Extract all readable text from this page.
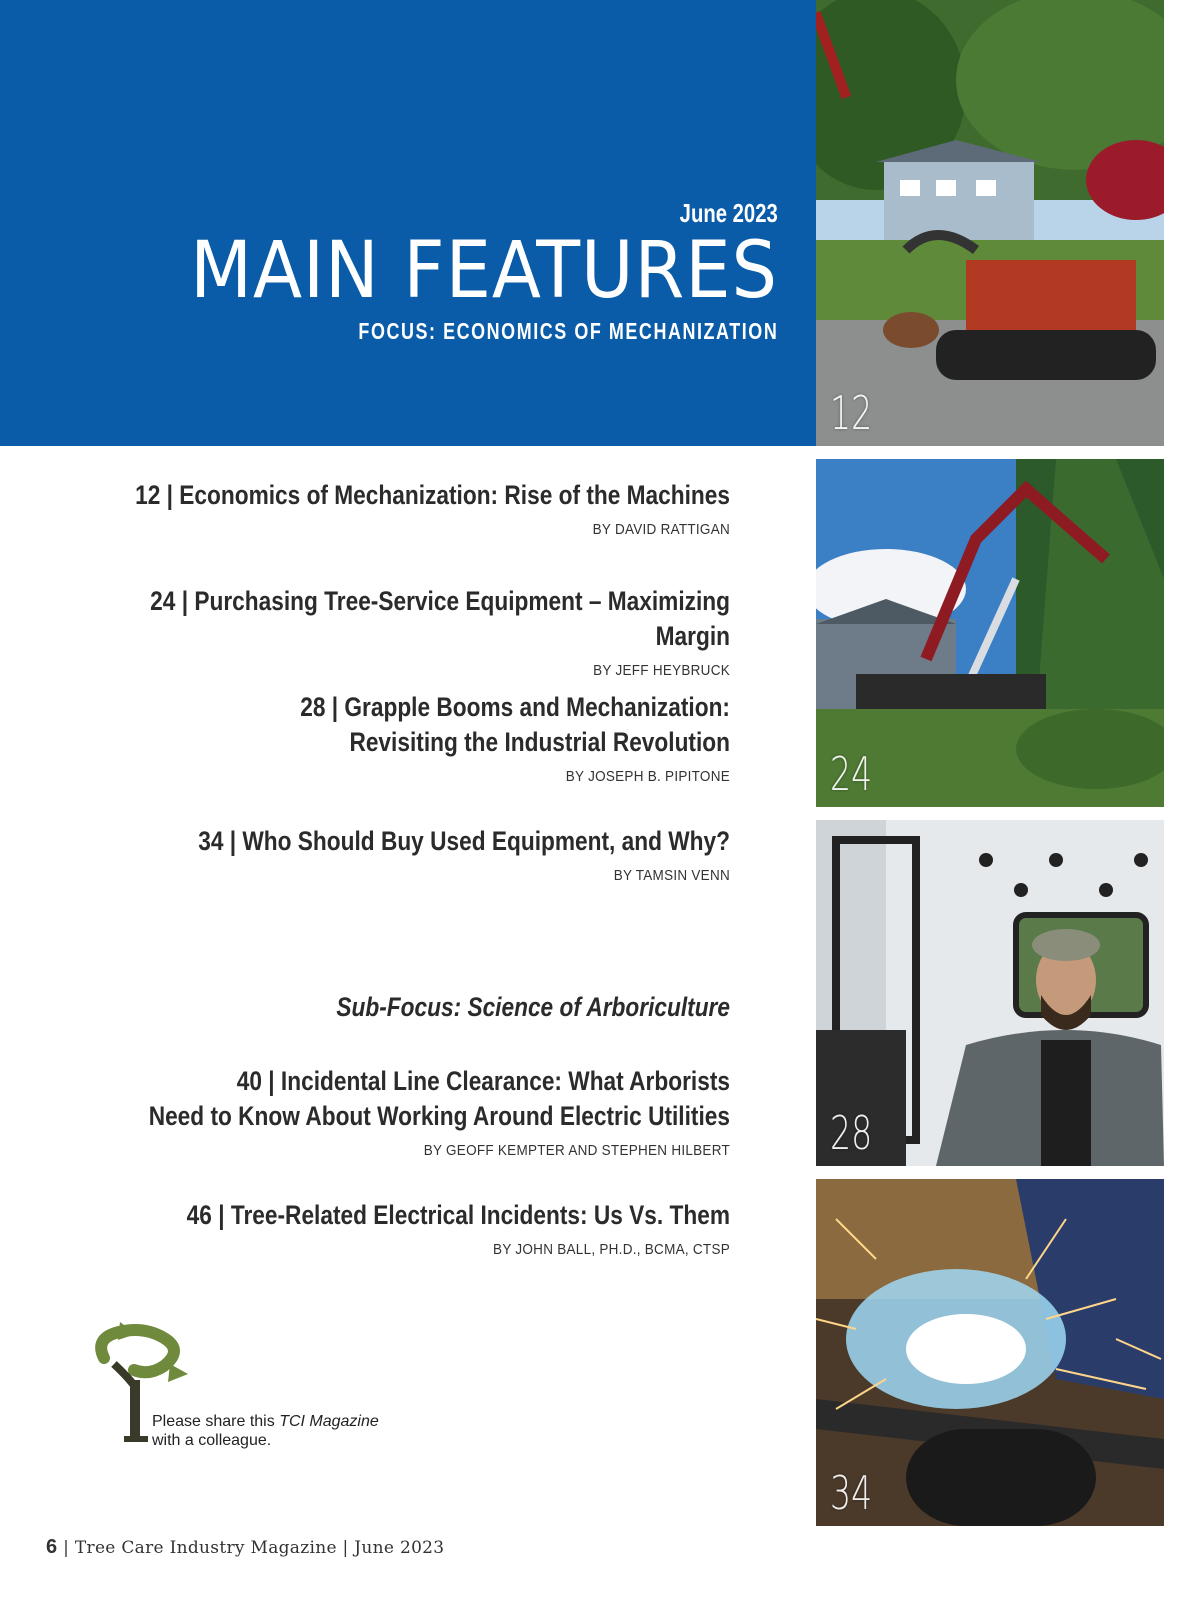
June 2023
MAIN FEATURES
FOCUS: ECONOMICS OF MECHANIZATION
12
24
28
34
12 | Economics of Mechanization: Rise of the Machines
BY DAVID RATTIGAN
24 | Purchasing Tree-Service Equipment – Maximizing Margin
BY JEFF HEYBRUCK
28 | Grapple Booms and Mechanization:
Revisiting the Industrial Revolution
BY JOSEPH B. PIPITONE
34 | Who Should Buy Used Equipment, and Why?
BY TAMSIN VENN
Sub-Focus: Science of Arboriculture
40 | Incidental Line Clearance: What Arborists
Need to Know About Working Around Electric Utilities
BY GEOFF KEMPTER AND STEPHEN HILBERT
46 | Tree-Related Electrical Incidents: Us Vs. Them
BY JOHN BALL, PH.D., BCMA, CTSP
Please share this TCI Magazine
with a colleague.
6 | Tree Care Industry Magazine | June 2023
